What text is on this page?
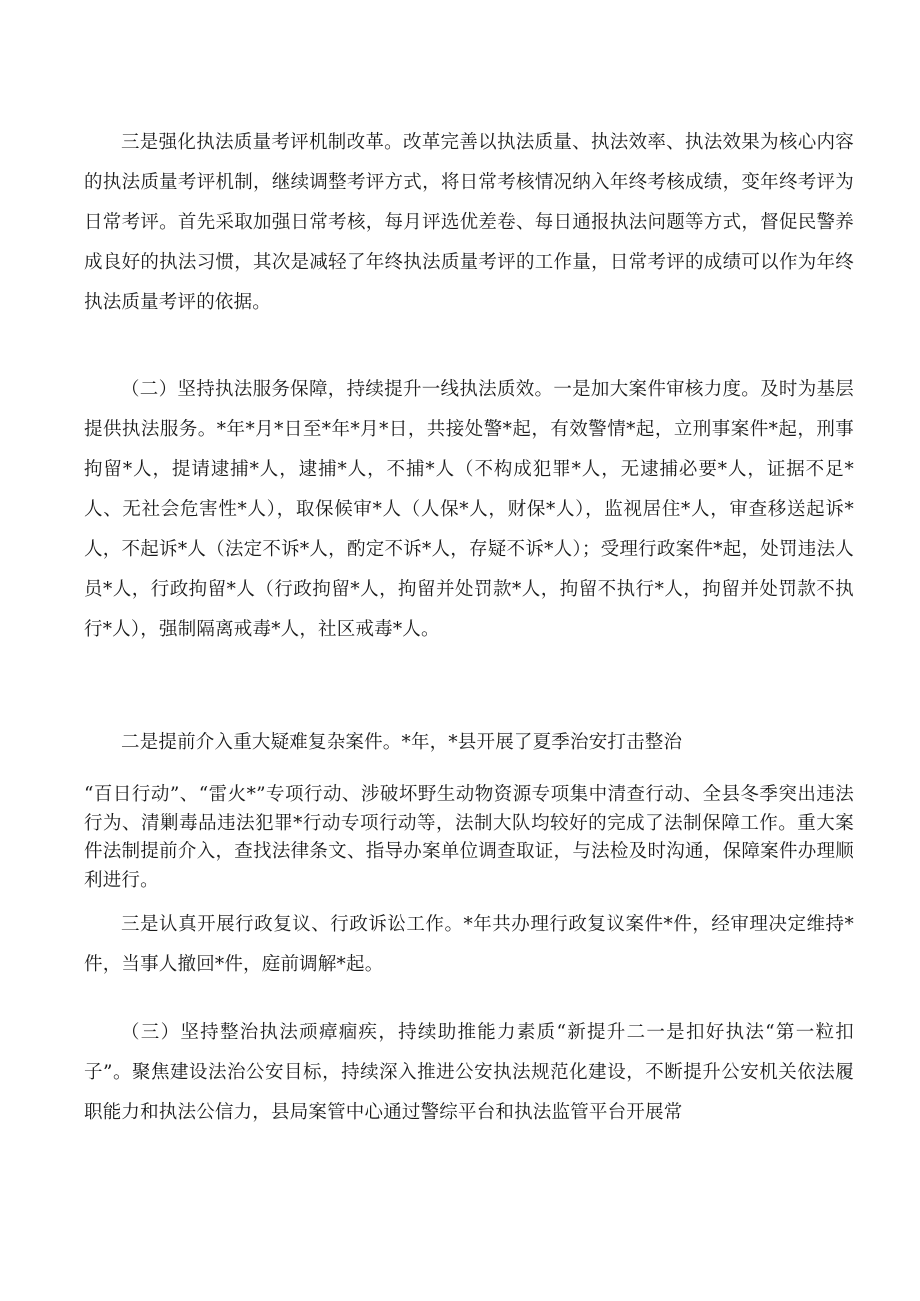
三是强化执法质量考评机制改革。改革完善以执法质量、执法效率、执法效果为核心内容的执法质量考评机制，继续调整考评方式，将日常考核情况纳入年终考核成绩，变年终考评为日常考评。首先采取加强日常考核，每月评选优差卷、每日通报执法问题等方式，督促民警养成良好的执法习惯，其次是减轻了年终执法质量考评的工作量，日常考评的成绩可以作为年终执法质量考评的依据。

（二）坚持执法服务保障，持续提升一线执法质效。一是加大案件审核力度。及时为基层提供执法服务。*年*月*日至*年*月*日，共接处警*起，有效警情*起，立刑事案件*起，刑事拘留*人，提请逮捕*人，逮捕*人，不捕*人（不构成犯罪*人，无逮捕必要*人，证据不足*人、无社会危害性*人），取保候审*人（人保*人，财保*人），监视居住*人，审查移送起诉*人，不起诉*人（法定不诉*人，酌定不诉*人，存疑不诉*人）；受理行政案件*起，处罚违法人员*人，行政拘留*人（行政拘留*人，拘留并处罚款*人，拘留不执行*人，拘留并处罚款不执行*人），强制隔离戒毒*人，社区戒毒*人。

二是提前介入重大疑难复杂案件。*年，*县开展了夏季治安打击整治

“百日行动”、“雷火*”专项行动、涉破坏野生动物资源专项集中清查行动、全县冬季突出违法行为、清剿毒品违法犯罪*行动专项行动等，法制大队均较好的完成了法制保障工作。重大案件法制提前介入，查找法律条文、指导办案单位调查取证，与法检及时沟通，保障案件办理顺利进行。

三是认真开展行政复议、行政诉讼工作。*年共办理行政复议案件*件，经审理决定维持*件，当事人撤回*件，庭前调解*起。

（三）坚持整治执法顽瘴痼疾，持续助推能力素质“新提升二一是扣好执法“第一粒扣子”。聚焦建设法治公安目标，持续深入推进公安执法规范化建设，不断提升公安机关依法履职能力和执法公信力，县局案管中心通过警综平台和执法监管平台开展常
